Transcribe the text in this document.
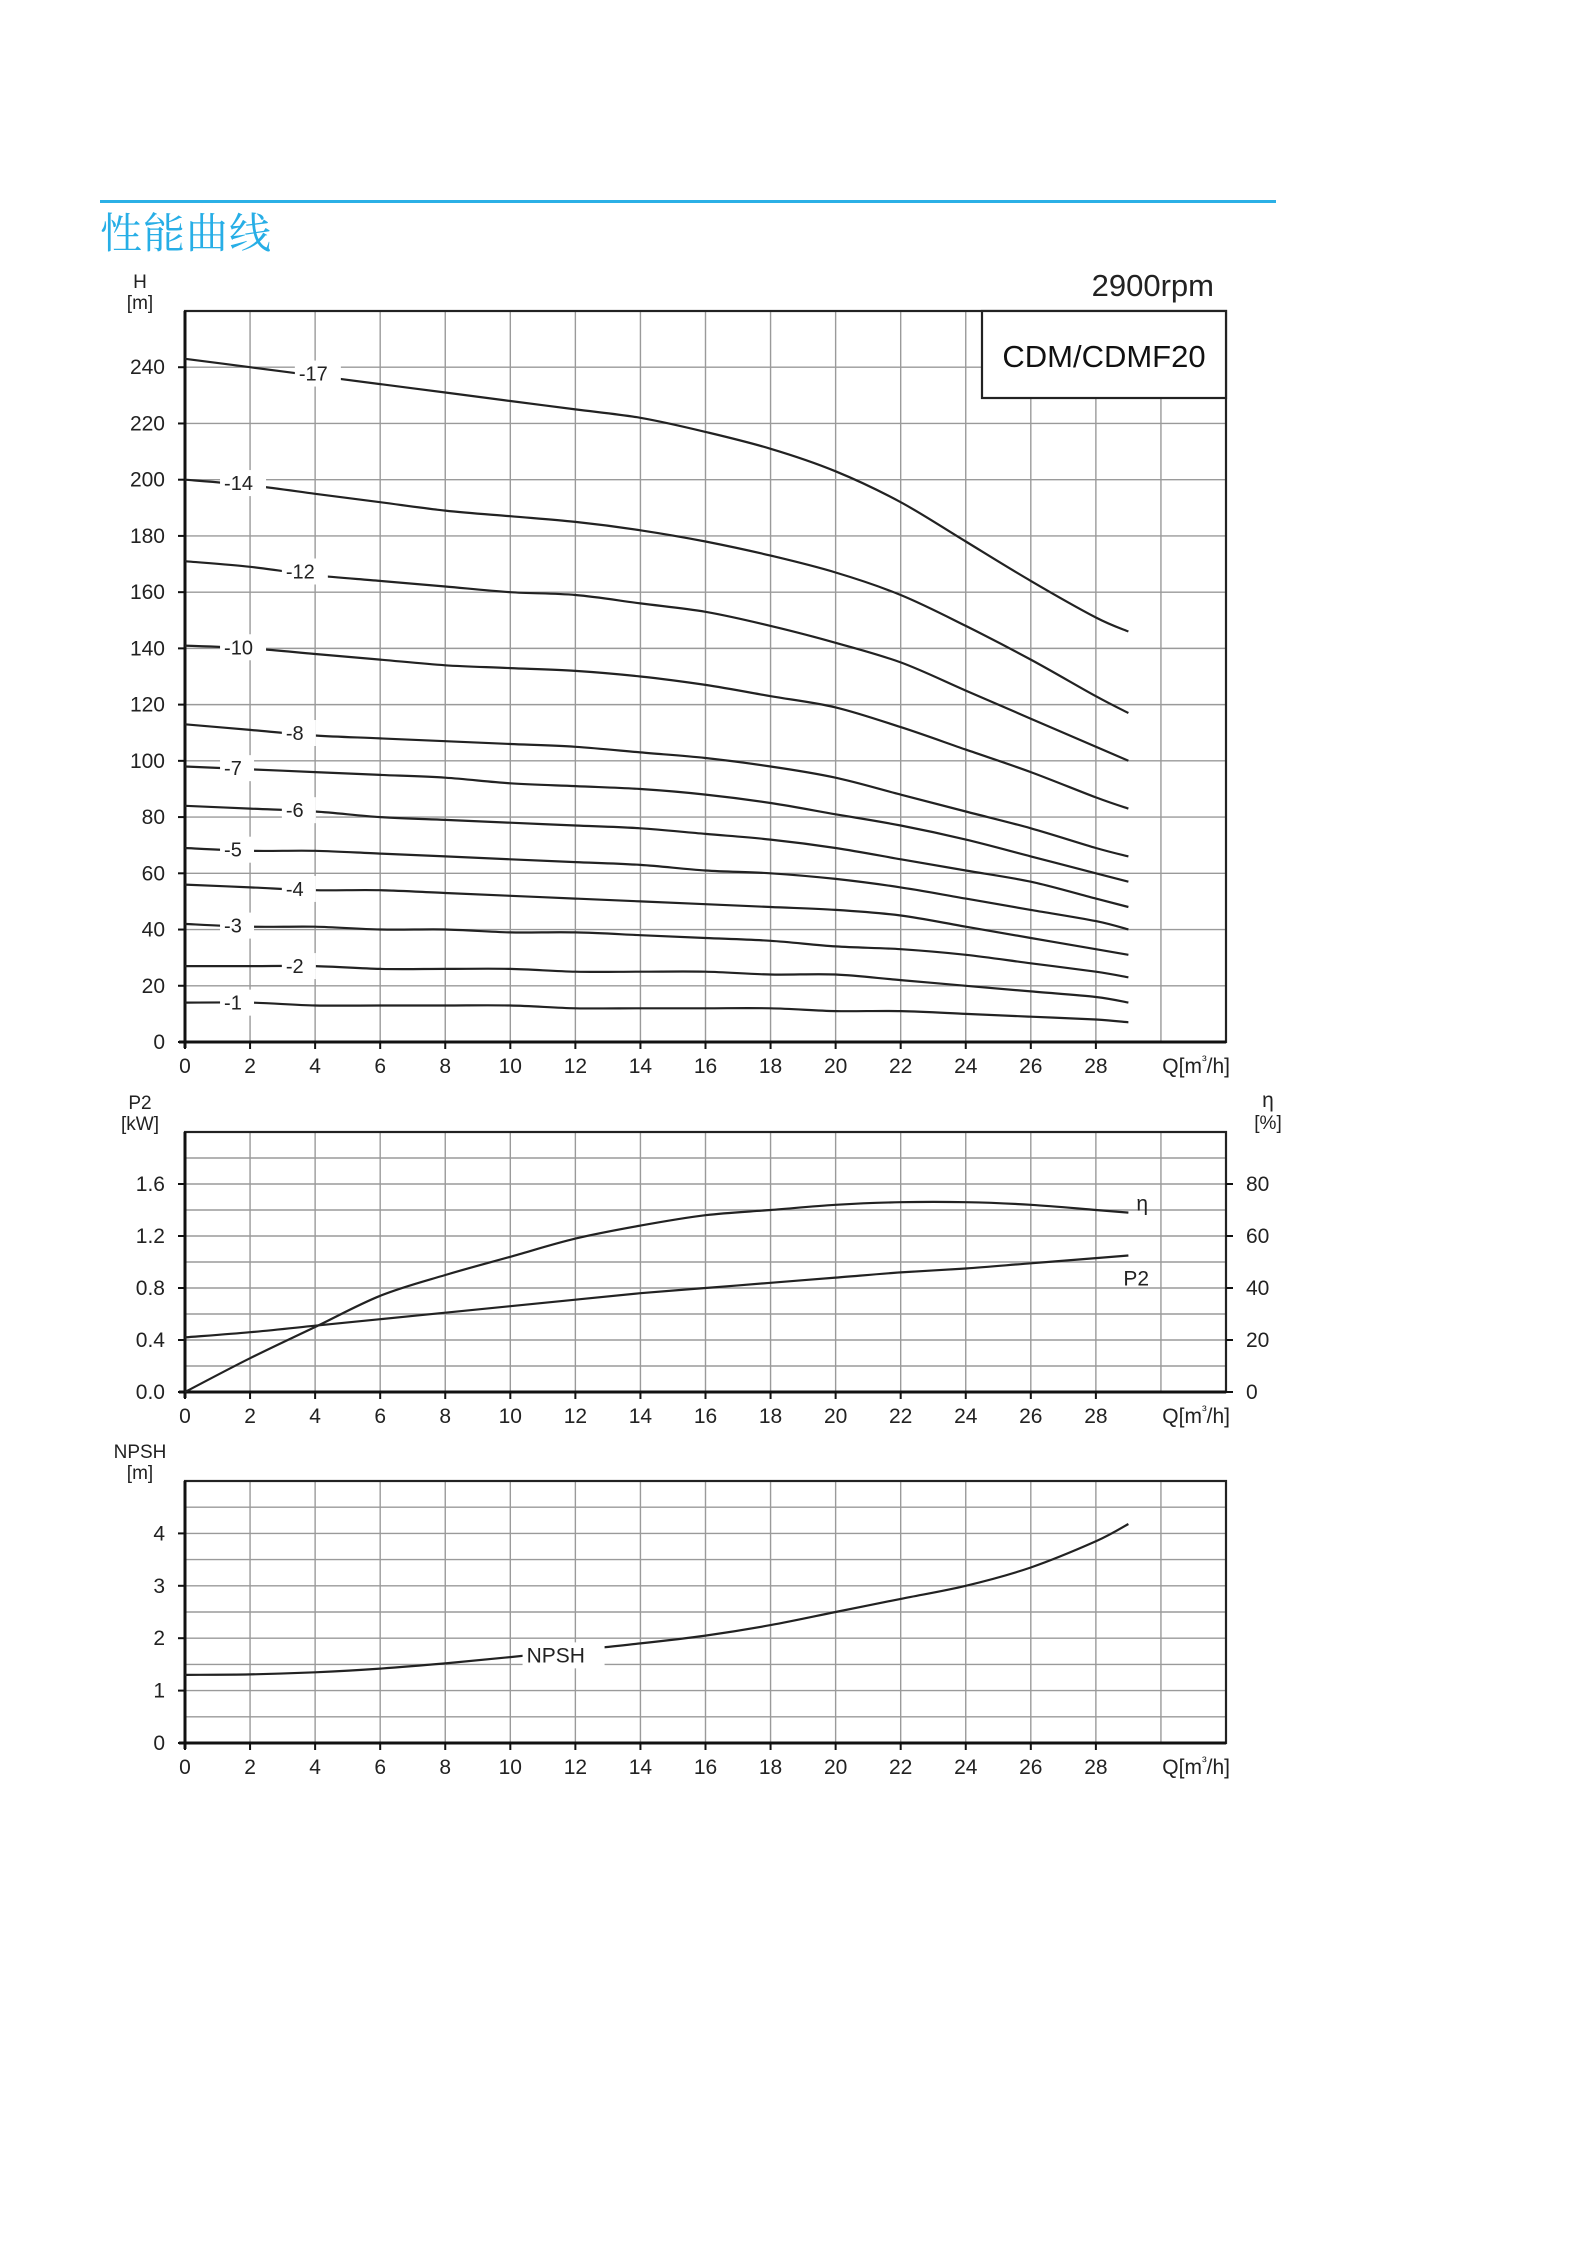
性能曲线
2900rpm
0	2	4	6	8 10 12 14 16 18 20 22 24 26 28	$Q[m^{^3}/h]$
0
20
40
60
80
100
120
140
160
180
200
220
240
H
[m]
-17
-14
-12
-10
-8
-7
-6
-5
-4
-3
-2
-1
CDM/CDMF20
0	2	4	6	8 10 12 14 16 18 20 22 24 26 28	$Q[m^{^3}/h]$
0.0
0.4
0.8
1.2
1.6
P2
[kW]
0
20
40
60
80
η
[%]
η
P2
0	2	4	6	8 10 12 14 16 18 20 22 24 26 28	$Q[m^{^3}/h]$
0
1
2
3
4
NPSH
[m]
NPSH
